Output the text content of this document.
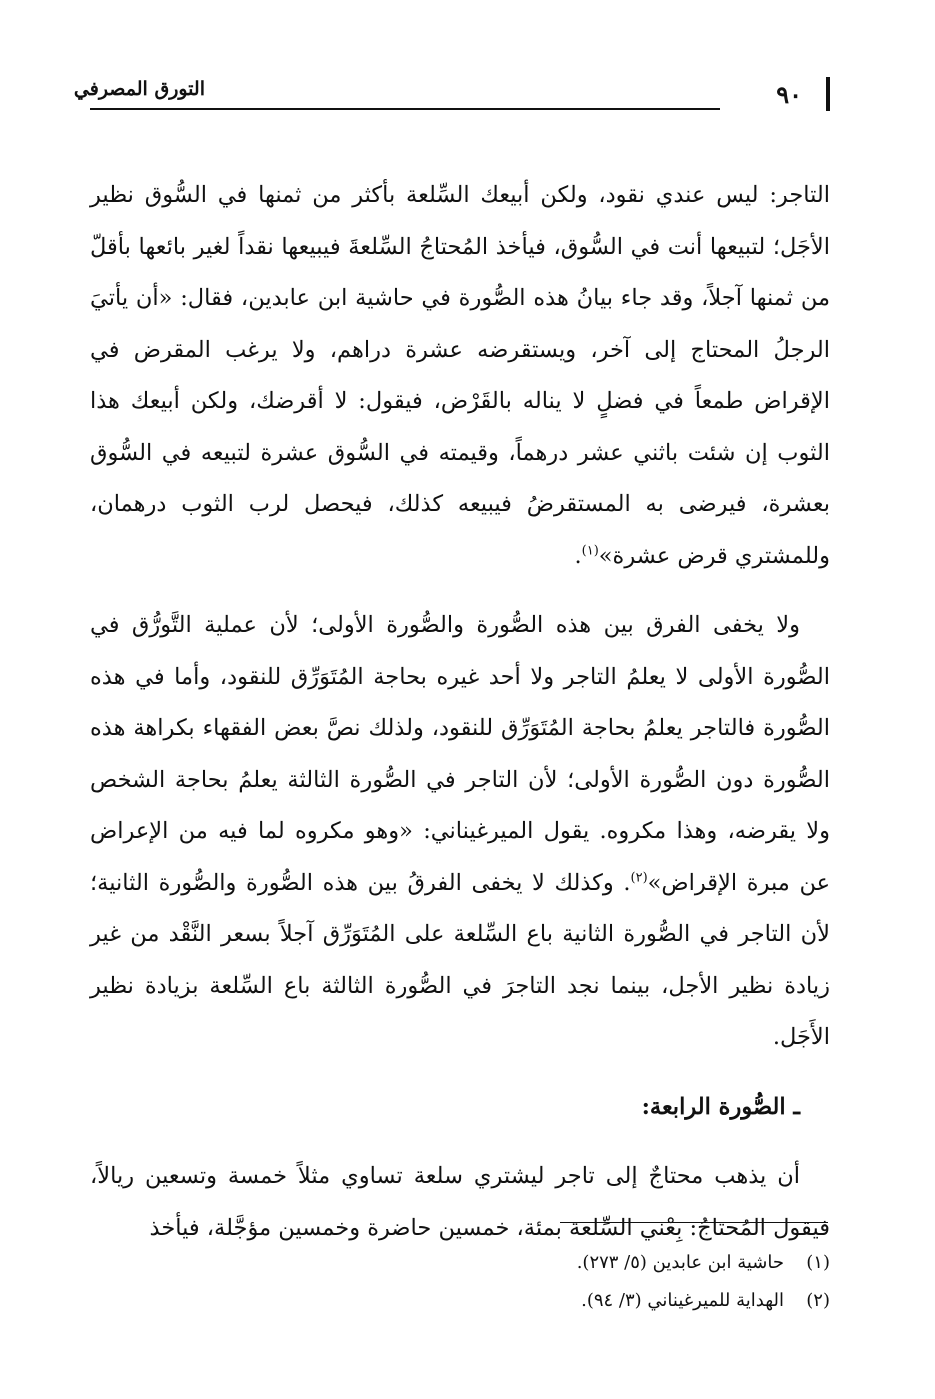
التورق المصرفي	٩٠

التاجر: ليس عندي نقود، ولكن أبيعك السِّلعة بأكثر من ثمنها في السُّوق نظير الأجَل؛ لتبيعها أنت في السُّوق، فيأخذ المُحتاجُ السِّلعةَ فيبيعها نقداً لغير بائعها بأقلّ من ثمنها آجلاً، وقد جاء بيانُ هذه الصُّورة في حاشية ابن عابدين، فقال: «أن يأتيَ الرجلُ المحتاج إلى آخر، ويستقرضه عشرة دراهم، ولا يرغب المقرض في الإقراض طمعاً في فضلٍ لا يناله بالقَرْض، فيقول: لا أقرضك، ولكن أبيعك هذا الثوب إن شئت باثني عشر درهماً، وقيمته في السُّوق عشرة لتبيعه في السُّوق بعشرة، فيرضى به المستقرضُ فيبيعه كذلك، فيحصل لرب الثوب درهمان، وللمشتري قرض عشرة»$^{(١)}$.

ولا يخفى الفرق بين هذه الصُّورة والصُّورة الأولى؛ لأن عملية التَّورُّق في الصُّورة الأولى لا يعلمُ التاجر ولا أحد غيره بحاجة المُتَوَرِّق للنقود، وأما في هذه الصُّورة فالتاجر يعلمُ بحاجة المُتَوَرِّق للنقود، ولذلك نصَّ بعض الفقهاء بكراهة هذه الصُّورة دون الصُّورة الأولى؛ لأن التاجر في الصُّورة الثالثة يعلمُ بحاجة الشخص ولا يقرضه، وهذا مكروه. يقول الميرغيناني: «وهو مكروه لما فيه من الإعراض عن مبرة الإقراض»$^{(٢)}$. وكذلك لا يخفى الفرقُ بين هذه الصُّورة والصُّورة الثانية؛ لأن التاجر في الصُّورة الثانية باع السِّلعة على المُتَوَرِّق آجلاً بسعر النَّقْد من غير زيادة نظير الأجل، بينما نجد التاجرَ في الصُّورة الثالثة باع السِّلعة بزيادة نظير الأَجَل.

ـ الصُّورة الرابعة:

أن يذهب محتاجٌ إلى تاجر ليشتري سلعة تساوي مثلاً خمسة وتسعين ريالاً، فيقول المُحتاجُ: بِعْني السِّلعة بمئة، خمسين حاضرة وخمسين مؤجَّلة، فيأخذ

(١)حاشية ابن عابدين (٥/ ٢٧٣).
(٢)الهداية للميرغيناني (٣/ ٩٤).
